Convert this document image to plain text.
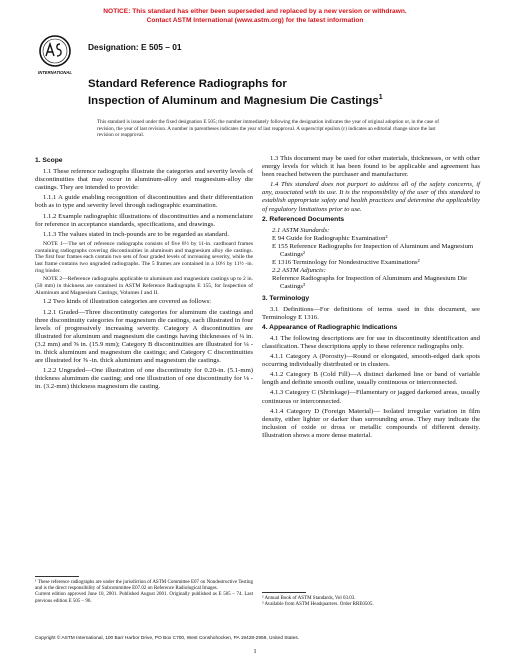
NOTICE: This standard has either been superseded and replaced by a new version or withdrawn.
Contact ASTM International (www.astm.org) for the latest information
INTERNATIONAL
Designation: E 505 – 01
Standard Reference Radiographs for
Inspection of Aluminum and Magnesium Die Castings$^1$
This standard is issued under the fixed designation E 505; the number immediately following the designation indicates the year of original adoption or, in the case of revision, the year of last revision. A number in parentheses indicates the year of last reapproval. A superscript epsilon (ε) indicates an editorial change since the last revision or reapproval.
1. Scope

1.1 These reference radiographs illustrate the categories and severity levels of discontinuities that may occur in aluminum-alloy and magnesium-alloy die castings. They are intended to provide:

1.1.1 A guide enabling recognition of discontinuities and their differentiation both as to type and severity level through radiographic examination.

1.1.2 Example radiographic illustrations of discontinuities and a nomenclature for reference in acceptance standards, specifications, and drawings.

1.1.3 The values stated in inch-pounds are to be regarded as standard.

NOTE 1—The set of reference radiographs consists of five 8½ by 11-in. cardboard frames containing radiographs covering discontinuities in aluminum and magnesium alloy die castings. The first four frames each contain two sets of four graded levels of increasing severity, while the last frame contains two ungraded radiographs. The 5 frames are contained in a 10½ by 11½ -in. ring binder.
NOTE 2—Reference radiographs applicable to aluminum and magnesium castings up to 2 in. (50 mm) in thickness are contained in ASTM Reference Radiographs E 155, for Inspection of Aluminum and Magnesium Castings, Volumes I and II.

1.2 Two kinds of illustration categories are covered as follows:

1.2.1 Graded—Three discontinuity categories for aluminum die castings and three discontinuity categories for magnesium die castings, each illustrated in four levels of progressively increasing severity. Category A discontinuities are illustrated for aluminum and magnesium die castings having thicknesses of ¼ in. (3.2 mm) and ⅝ in. (15.9 mm); Category B discontinuities are illustrated for ¼ -in. thick aluminum and magnesium die castings; and Category C discontinuities are illustrated for ⅝ -in. thick aluminum and magnesium die castings.

1.2.2 Ungraded—One illustration of one discontinuity for 0.20-in. (5.1-mm) thickness aluminum die casting; and one illustration of one discontinuity for ⅛ -in. (3.2-mm) thickness magnesium die casting.

¹ These reference radiographs are under the jurisdiction of ASTM Committee E07 on Nondestructive Testing and is the direct responsibility of Subcommittee E07.02 on Reference Radiological Images.
Current edition approved June 10, 2001. Published August 2001. Originally published as E 505 – 74. Last previous edition E 505 – 96.

1.3 This document may be used for other materials, thicknesses, or with other energy levels for which it has been found to be applicable and agreement has been reached between the purchaser and manufacturer.

1.4 This standard does not purport to address all of the safety concerns, if any, associated with its use. It is the responsibility of the user of this standard to establish appropriate safety and health practices and determine the applicability of regulatory limitations prior to use.

2. Referenced Documents

2.1 ASTM Standards:

E 94 Guide for Radiographic Examination²

E 155 Reference Radiographs for Inspection of Aluminum and Magnesium Castings²

E 1316 Terminology for Nondestructive Examinations²

2.2 ASTM Adjuncts:

Reference Radiographs for Inspection of Aluminum and Magnesium Die Castings³

3. Terminology

3.1 Definitions—For definitions of terms used in this document, see Terminology E 1316.

4. Appearance of Radiographic Indications

4.1 The following descriptions are for use in discontinuity identification and classification. These descriptions apply to these reference radiographs only.

4.1.1 Category A (Porosity)—Round or elongated, smooth-edged dark spots occurring individually distributed or in clusters.

4.1.2 Category B (Cold Fill)—A distinct darkened line or band of variable length and definite smooth outline, usually continuous or interconnected.

4.1.3 Category C (Shrinkage)—Filamentary or jagged darkened areas, usually continuous or interconnected.

4.1.4 Category D (Foreign Material)— Isolated irregular variation in film density, either lighter or darker than surrounding areas. They may indicate the inclusion of oxide or dross or metallic compounds of different density. Illustration shows a more dense material.

² Annual Book of ASTM Standards, Vol 03.03.
³ Available from ASTM Headquarters. Order RRE0505.
Copyright © ASTM International, 100 Barr Harbor Drive, PO Box C700, West Conshohocken, PA 19428-2959, United States.
1
